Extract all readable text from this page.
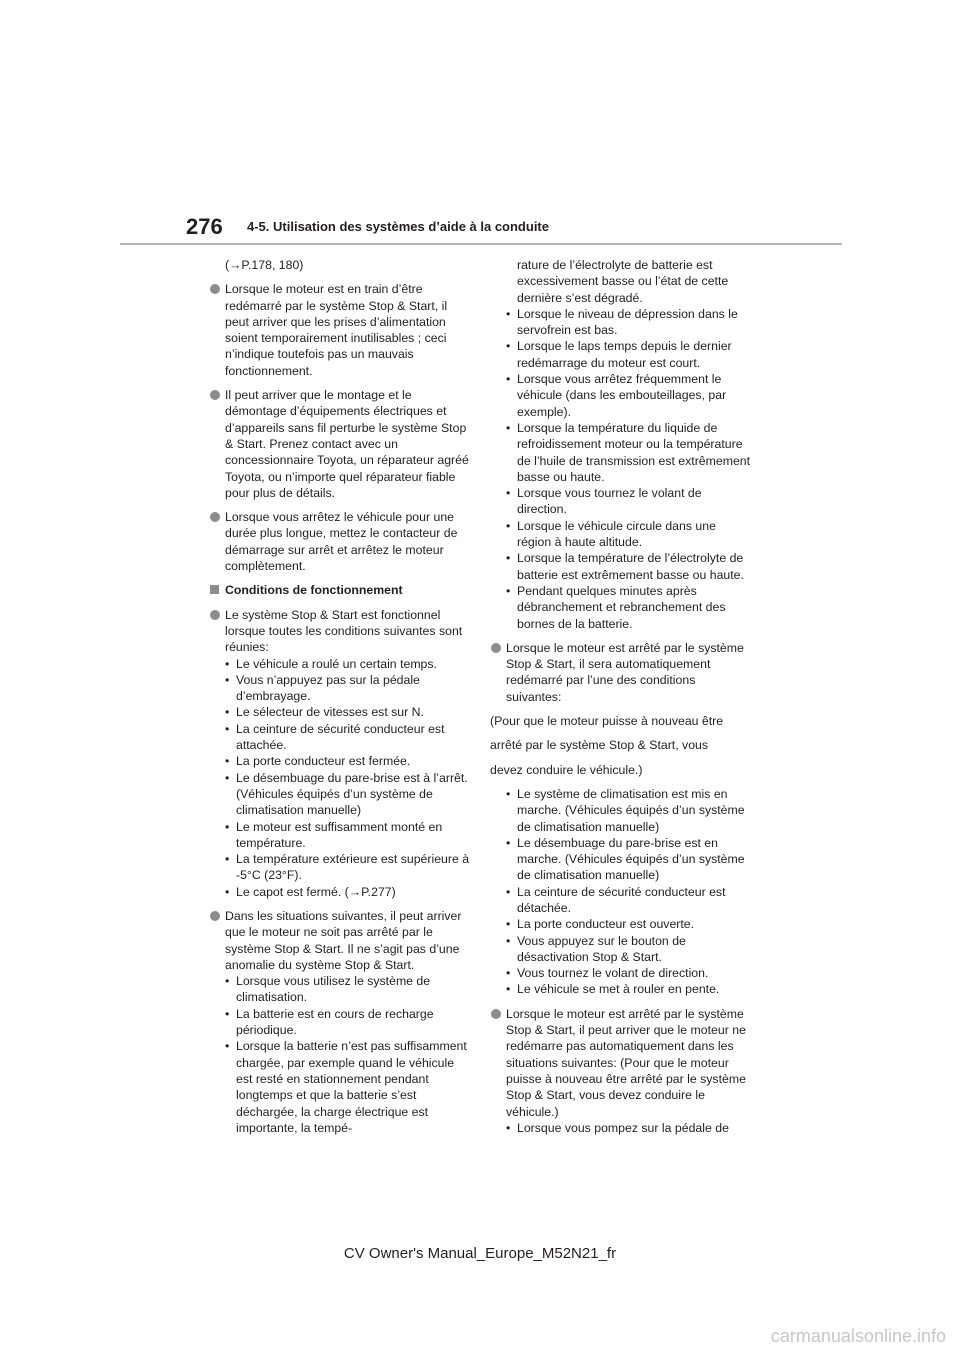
276 4-5. Utilisation des systèmes d’aide à la conduite

(→P.178, 180)

Lorsque le moteur est en train d’être redémarré par le système Stop & Start, il peut arriver que les prises d’alimentation soient temporairement inutilisables ; ceci n’indique toutefois pas un mauvais fonctionnement.
Il peut arriver que le montage et le démontage d’équipements électriques et d’appareils sans fil perturbe le système Stop & Start. Prenez contact avec un concessionnaire Toyota, un réparateur agréé Toyota, ou n’importe quel réparateur fiable pour plus de détails.
Lorsque vous arrêtez le véhicule pour une durée plus longue, mettez le contacteur de démarrage sur arrêt et arrêtez le moteur complètement.
Conditions de fonctionnement
Le système Stop & Start est fonctionnel lorsque toutes les conditions suivantes sont réunies:
• Le véhicule a roulé un certain temps.
• Vous n’appuyez pas sur la pédale d’embrayage.
• Le sélecteur de vitesses est sur N.
• La ceinture de sécurité conducteur est attachée.
• La porte conducteur est fermée.
• Le désembuage du pare-brise est à l’arrêt. (Véhicules équipés d’un système de climatisation manuelle)
• Le moteur est suffisamment monté en température.
• La température extérieure est supérieure à -5°C (23°F).
• Le capot est fermé. (→P.277)
Dans les situations suivantes, il peut arriver que le moteur ne soit pas arrêté par le système Stop & Start. Il ne s’agit pas d’une anomalie du système Stop & Start.
• Lorsque vous utilisez le système de climatisation.
• La batterie est en cours de recharge périodique.
• Lorsque la batterie n’est pas suffisamment chargée, par exemple quand le véhicule est resté en stationnement pendant longtemps et que la batterie s’est déchargée, la charge électrique est importante, la tempé-
rature de l’électrolyte de batterie est excessivement basse ou l’état de cette dernière s’est dégradé.
• Lorsque le niveau de dépression dans le servofrein est bas.
• Lorsque le laps temps depuis le dernier redémarrage du moteur est court.
• Lorsque vous arrêtez fréquemment le véhicule (dans les embouteillages, par exemple).
• Lorsque la température du liquide de refroidissement moteur ou la température de l’huile de transmission est extrêmement basse ou haute.
• Lorsque vous tournez le volant de direction.
• Lorsque le véhicule circule dans une région à haute altitude.
• Lorsque la température de l’électrolyte de batterie est extrêmement basse ou haute.
• Pendant quelques minutes après débranchement et rebranchement des bornes de la batterie.
Lorsque le moteur est arrêté par le système Stop & Start, il sera automatiquement redémarré par l’une des conditions suivantes:

(Pour que le moteur puisse à nouveau être

arrêté par le système Stop & Start, vous

devez conduire le véhicule.)

• Le système de climatisation est mis en marche. (Véhicules équipés d’un système de climatisation manuelle)
• Le désembuage du pare-brise est en marche. (Véhicules équipés d’un système de climatisation manuelle)
• La ceinture de sécurité conducteur est détachée.
• La porte conducteur est ouverte.
• Vous appuyez sur le bouton de désactivation Stop & Start.
• Vous tournez le volant de direction.
• Le véhicule se met à rouler en pente.
Lorsque le moteur est arrêté par le système Stop & Start, il peut arriver que le moteur ne redémarre pas automatiquement dans les situations suivantes: (Pour que le moteur puisse à nouveau être arrêté par le système Stop & Start, vous devez conduire le véhicule.)
• Lorsque vous pompez sur la pédale de
CV Owner's Manual_Europe_M52N21_fr
carmanualsonline.info
